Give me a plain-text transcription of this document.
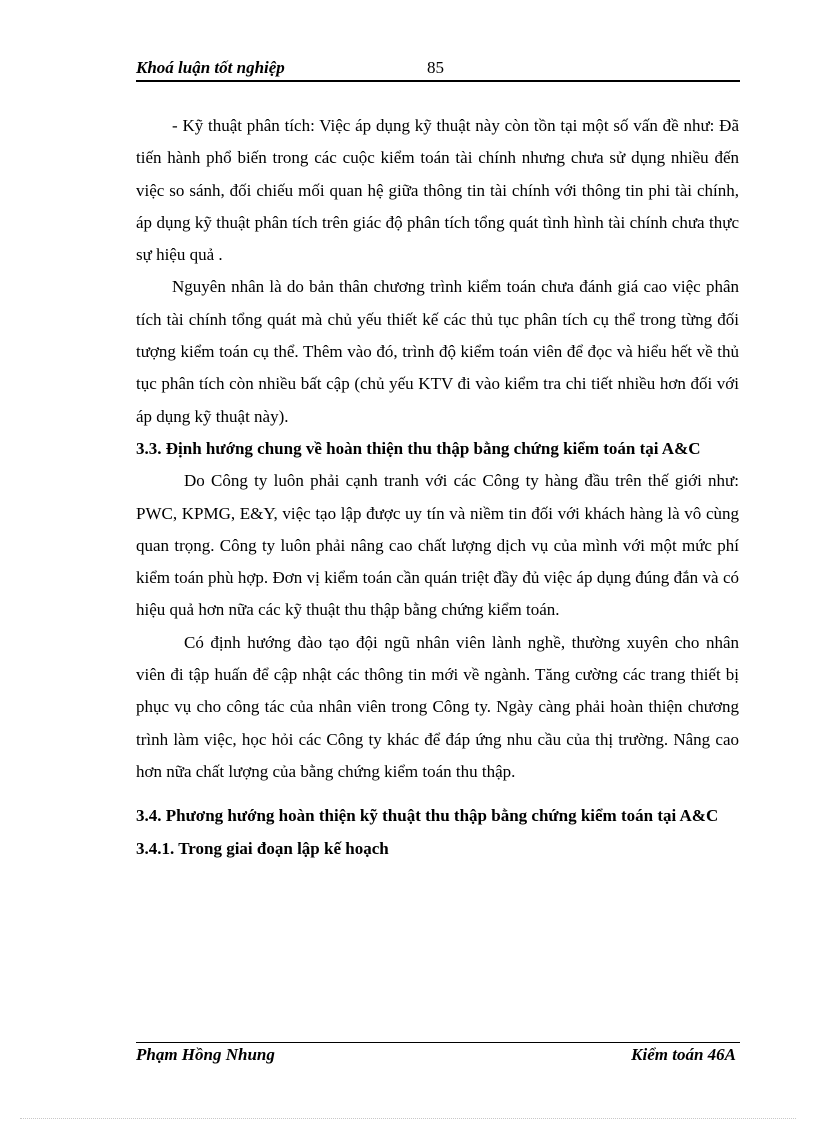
Khoá luận tốt nghiệp	85

- Kỹ thuật phân tích: Việc áp dụng kỹ thuật này còn tồn tại một số vấn đề như: Đã tiến hành phổ biến trong các cuộc kiểm toán tài chính nhưng chưa sử dụng nhiều đến việc so sánh, đối chiếu mối quan hệ giữa thông tin tài chính với thông tin phi tài chính, áp dụng kỹ thuật phân tích trên giác độ phân tích tổng quát tình hình tài chính chưa thực sự hiệu quả .

Nguyên nhân là do bản thân chương trình kiểm toán chưa đánh giá cao việc phân tích tài chính tổng quát mà chủ yếu thiết kế các thủ tục phân tích cụ thể trong từng đối tượng kiểm toán cụ thể. Thêm vào đó, trình độ kiểm toán viên để đọc và hiểu hết về thủ tục phân tích còn nhiều bất cập (chủ yếu KTV đi vào kiểm tra chi tiết nhiều hơn đối với áp dụng kỹ thuật này).

3.3. Định hướng chung về hoàn thiện thu thập bằng chứng kiểm toán tại A&C

Do Công ty luôn phải cạnh tranh với các Công ty hàng đầu trên thế giới như: PWC, KPMG, E&Y, việc tạo lập được uy tín và niềm tin đối với khách hàng là vô cùng quan trọng. Công ty luôn phải nâng cao chất lượng dịch vụ của mình với một mức phí kiểm toán phù hợp. Đơn vị kiểm toán cần quán triệt đầy đủ việc áp dụng đúng đắn và có hiệu quả hơn nữa các kỹ thuật thu thập bằng chứng kiểm toán.

Có định hướng đào tạo đội ngũ nhân viên lành nghề, thường xuyên cho nhân viên đi tập huấn để cập nhật các thông tin mới về ngành. Tăng cường các trang thiết bị phục vụ cho công tác của nhân viên trong Công ty. Ngày càng phải hoàn thiện chương trình làm việc, học hỏi các Công ty khác để đáp ứng nhu cầu của thị trường. Nâng cao hơn nữa chất lượng của bằng chứng kiểm toán thu thập.

3.4. Phương hướng hoàn thiện kỹ thuật thu thập bằng chứng kiểm toán tại A&C
3.4.1. Trong giai đoạn lập kế hoạch
Phạm Hồng Nhung	Kiểm toán 46A
